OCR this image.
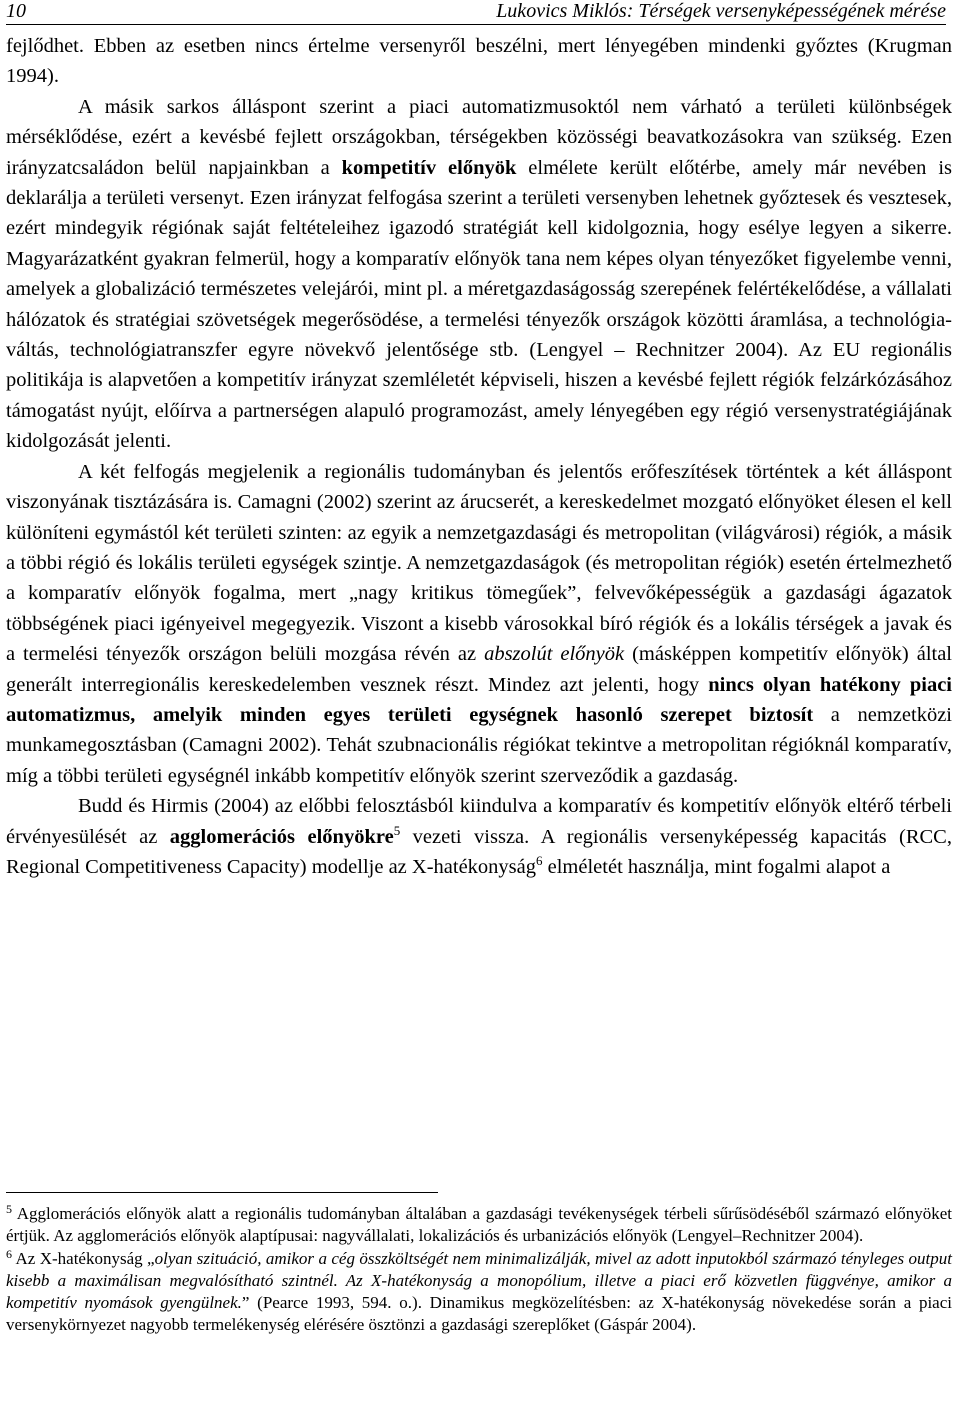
10	Lukovics Miklós: Térségek versenyképességének mérése

fejlődhet. Ebben az esetben nincs értelme versenyről beszélni, mert lényegében mindenki győztes (Krugman 1994).

A másik sarkos álláspont szerint a piaci automatizmusoktól nem várható a területi különbségek mérséklődése, ezért a kevésbé fejlett országokban, térségekben közösségi beavatkozásokra van szükség. Ezen irányzatcsaládon belül napjainkban a kompetitív előnyök elmélete került előtérbe, amely már nevében is deklarálja a területi versenyt. Ezen irányzat felfogása szerint a területi versenyben lehetnek győztesek és vesztesek, ezért mindegyik régiónak saját feltételeihez igazodó stratégiát kell kidolgoznia, hogy esélye legyen a sikerre. Magyarázatként gyakran felmerül, hogy a komparatív előnyök tana nem képes olyan tényezőket figyelembe venni, amelyek a globalizáció természetes velejárói, mint pl. a méretgazdaságosság szerepének felértékelődése, a vállalati hálózatok és stratégiai szövetségek megerősödése, a termelési tényezők országok közötti áramlása, a technológia-váltás, technológiatranszfer egyre növekvő jelentősége stb. (Lengyel – Rechnitzer 2004). Az EU regionális politikája is alapvetően a kompetitív irányzat szemléletét képviseli, hiszen a kevésbé fejlett régiók felzárkózásához támogatást nyújt, előírva a partnerségen alapuló programozást, amely lényegében egy régió versenystratégiájának kidolgozását jelenti.

A két felfogás megjelenik a regionális tudományban és jelentős erőfeszítések történtek a két álláspont viszonyának tisztázására is. Camagni (2002) szerint az árucserét, a kereskedelmet mozgató előnyöket élesen el kell különíteni egymástól két területi szinten: az egyik a nemzetgazdasági és metropolitan (világvárosi) régiók, a másik a többi régió és lokális területi egységek szintje. A nemzetgazdaságok (és metropolitan régiók) esetén értelmezhető a komparatív előnyök fogalma, mert „nagy kritikus tömegűek”, felvevőképességük a gazdasági ágazatok többségének piaci igényeivel megegyezik. Viszont a kisebb városokkal bíró régiók és a lokális térségek a javak és a termelési tényezők országon belüli mozgása révén az abszolút előnyök (másképpen kompetitív előnyök) által generált interregionális kereskedelemben vesznek részt. Mindez azt jelenti, hogy nincs olyan hatékony piaci automatizmus, amelyik minden egyes területi egységnek hasonló szerepet biztosít a nemzetközi munkamegosztásban (Camagni 2002). Tehát szubnacionális régiókat tekintve a metropolitan régióknál komparatív, míg a többi területi egységnél inkább kompetitív előnyök szerint szerveződik a gazdaság.

Budd és Hirmis (2004) az előbbi felosztásból kiindulva a komparatív és kompetitív előnyök eltérő térbeli érvényesülését az agglomerációs előnyökre$^5$ vezeti vissza. A regionális versenyképesség kapacitás (RCC, Regional Competitiveness Capacity) modellje az X-hatékonyság$^6$ elméletét használja, mint fogalmi alapot a

$^5$ Agglomerációs előnyök alatt a regionális tudományban általában a gazdasági tevékenységek térbeli sűrűsödéséből származó előnyöket értjük. Az agglomerációs előnyök alaptípusai: nagyvállalati, lokalizációs és urbanizációs előnyök (Lengyel–Rechnitzer 2004).

$^6$ Az X-hatékonyság „olyan szituáció, amikor a cég összköltségét nem minimalizálják, mivel az adott inputokból származó tényleges output kisebb a maximálisan megvalósítható szintnél. Az X-hatékonyság a monopólium, illetve a piaci erő közvetlen függvénye, amikor a kompetitív nyomások gyengülnek.” (Pearce 1993, 594. o.). Dinamikus megközelítésben: az X-hatékonyság növekedése során a piaci versenykörnyezet nagyobb termelékenység elérésére ösztönzi a gazdasági szereplőket (Gáspár 2004).
